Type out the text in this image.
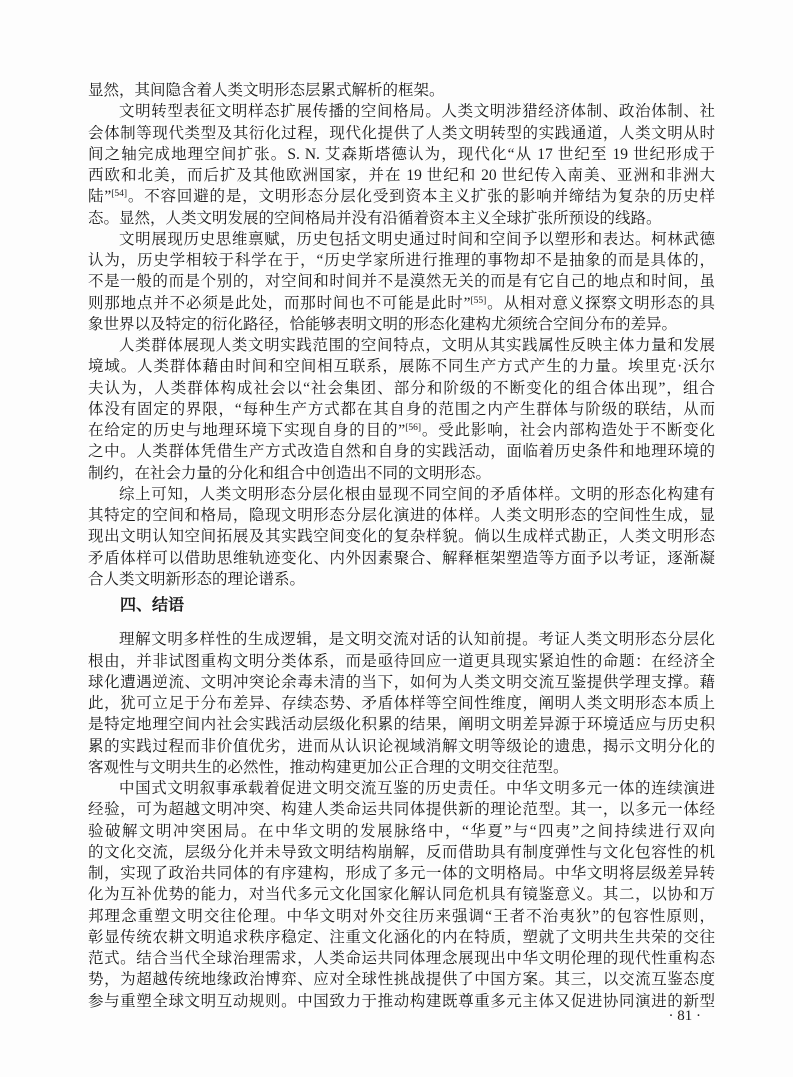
显然，其间隐含着人类文明形态层累式解析的框架。
文明转型表征文明样态扩展传播的空间格局。人类文明涉猎经济体制、政治体制、社
会体制等现代类型及其衍化过程，现代化提供了人类文明转型的实践通道，人类文明从时
间之轴完成地理空间扩张。S. N. 艾森斯塔德认为，现代化“从 17 世纪至 19 世纪形成于
西欧和北美，而后扩及其他欧洲国家，并在 19 世纪和 20 世纪传入南美、亚洲和非洲大
陆”[54]。不容回避的是，文明形态分层化受到资本主义扩张的影响并缔结为复杂的历史样
态。显然，人类文明发展的空间格局并没有沿循着资本主义全球扩张所预设的线路。
文明展现历史思维禀赋，历史包括文明史通过时间和空间予以塑形和表达。柯林武德
认为，历史学相较于科学在于，“历史学家所进行推理的事物却不是抽象的而是具体的，
不是一般的而是个别的，对空间和时间并不是漠然无关的而是有它自己的地点和时间，虽
则那地点并不必须是此处，而那时间也不可能是此时”[55]。从相对意义探察文明形态的具
象世界以及特定的衍化路径，恰能够表明文明的形态化建构尤须统合空间分布的差异。
人类群体展现人类文明实践范围的空间特点，文明从其实践属性反映主体力量和发展
境域。人类群体藉由时间和空间相互联系，展陈不同生产方式产生的力量。埃里克·沃尔
夫认为，人类群体构成社会以“社会集团、部分和阶级的不断变化的组合体出现”，组合
体没有固定的界限，“每种生产方式都在其自身的范围之内产生群体与阶级的联结，从而
在给定的历史与地理环境下实现自身的目的”[56]。受此影响，社会内部构造处于不断变化
之中。人类群体凭借生产方式改造自然和自身的实践活动，面临着历史条件和地理环境的
制约，在社会力量的分化和组合中创造出不同的文明形态。
综上可知，人类文明形态分层化根由显现不同空间的矛盾体样。文明的形态化构建有
其特定的空间和格局，隐现文明形态分层化演进的体样。人类文明形态的空间性生成，显
现出文明认知空间拓展及其实践空间变化的复杂样貌。倘以生成样式勘正，人类文明形态
矛盾体样可以借助思维轨迹变化、内外因素聚合、解释框架塑造等方面予以考证，逐渐凝
合人类文明新形态的理论谱系。
四、结语
理解文明多样性的生成逻辑，是文明交流对话的认知前提。考证人类文明形态分层化
根由，并非试图重构文明分类体系，而是亟待回应一道更具现实紧迫性的命题：在经济全
球化遭遇逆流、文明冲突论余毒未清的当下，如何为人类文明交流互鉴提供学理支撑。藉
此，犹可立足于分布差异、存续态势、矛盾体样等空间性维度，阐明人类文明形态本质上
是特定地理空间内社会实践活动层级化积累的结果，阐明文明差异源于环境适应与历史积
累的实践过程而非价值优劣，进而从认识论视域消解文明等级论的遗患，揭示文明分化的
客观性与文明共生的必然性，推动构建更加公正合理的文明交往范型。
中国式文明叙事承载着促进文明交流互鉴的历史责任。中华文明多元一体的连续演进
经验，可为超越文明冲突、构建人类命运共同体提供新的理论范型。其一，以多元一体经
验破解文明冲突困局。在中华文明的发展脉络中，“华夏”与“四夷”之间持续进行双向
的文化交流，层级分化并未导致文明结构崩解，反而借助具有制度弹性与文化包容性的机
制，实现了政治共同体的有序建构，形成了多元一体的文明格局。中华文明将层级差异转
化为互补优势的能力，对当代多元文化国家化解认同危机具有镜鉴意义。其二，以协和万
邦理念重塑文明交往伦理。中华文明对外交往历来强调“王者不治夷狄”的包容性原则，
彰显传统农耕文明追求秩序稳定、注重文化涵化的内在特质，塑就了文明共生共荣的交往
范式。结合当代全球治理需求，人类命运共同体理念展现出中华文明伦理的现代性重构态
势，为超越传统地缘政治博弈、应对全球性挑战提供了中国方案。其三，以交流互鉴态度
参与重塑全球文明互动规则。中国致力于推动构建既尊重多元主体又促进协同演进的新型
· 81 ·
